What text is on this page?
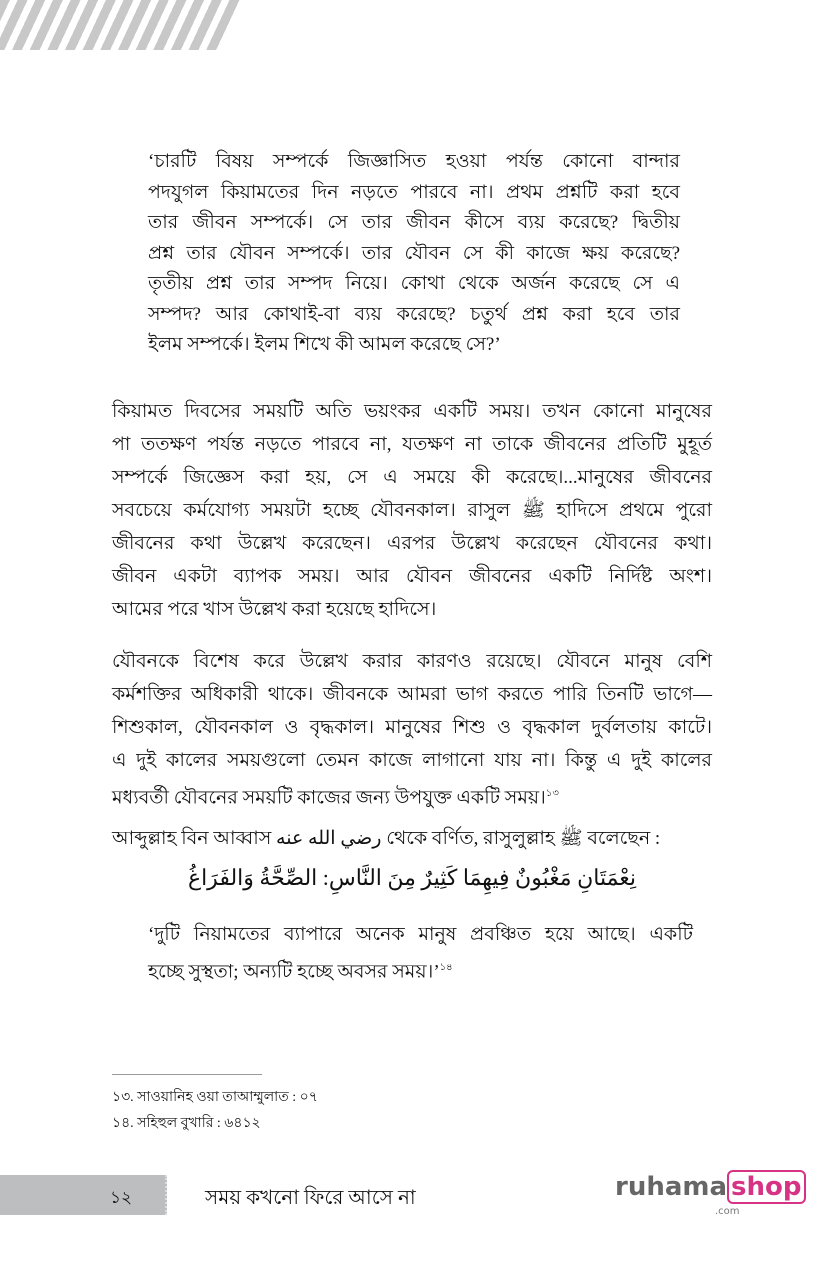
‘চারটি বিষয় সম্পর্কে জিজ্ঞাসিত হওয়া পর্যন্ত কোনো বান্দার
পদযুগল কিয়ামতের দিন নড়তে পারবে না। প্রথম প্রশ্নটি করা হবে
তার জীবন সম্পর্কে। সে তার জীবন কীসে ব্যয় করেছে? দ্বিতীয়
প্রশ্ন তার যৌবন সম্পর্কে। তার যৌবন সে কী কাজে ক্ষয় করেছে?
তৃতীয় প্রশ্ন তার সম্পদ নিয়ে। কোথা থেকে অর্জন করেছে সে এ
সম্পদ? আর কোথাই-বা ব্যয় করেছে? চতুর্থ প্রশ্ন করা হবে তার
ইলম সম্পর্কে। ইলম শিখে কী আমল করেছে সে?’
কিয়ামত দিবসের সময়টি অতি ভয়ংকর একটি সময়। তখন কোনো মানুষের
পা ততক্ষণ পর্যন্ত নড়তে পারবে না, যতক্ষণ না তাকে জীবনের প্রতিটি মুহূর্ত
সম্পর্কে জিজ্ঞেস করা হয়, সে এ সময়ে কী করেছে।...মানুষের জীবনের
সবচেয়ে কর্মযোগ্য সময়টা হচ্ছে যৌবনকাল। রাসুল ﷺ হাদিসে প্রথমে পুরো
জীবনের কথা উল্লেখ করেছেন। এরপর উল্লেখ করেছেন যৌবনের কথা।
জীবন একটা ব্যাপক সময়। আর যৌবন জীবনের একটি নির্দিষ্ট অংশ।
আমের পরে খাস উল্লেখ করা হয়েছে হাদিসে।
যৌবনকে বিশেষ করে উল্লেখ করার কারণও রয়েছে। যৌবনে মানুষ বেশি
কর্মশক্তির অধিকারী থাকে। জীবনকে আমরা ভাগ করতে পারি তিনটি ভাগে—
শিশুকাল, যৌবনকাল ও বৃদ্ধকাল। মানুষের শিশু ও বৃদ্ধকাল দুর্বলতায় কাটে।
এ দুই কালের সময়গুলো তেমন কাজে লাগানো যায় না। কিন্তু এ দুই কালের
মধ্যবর্তী যৌবনের সময়টি কাজের জন্য উপযুক্ত একটি সময়।$^{১৩}$
আব্দুল্লাহ বিন আব্বাস رضي الله عنه থেকে বর্ণিত, রাসুলুল্লাহ ﷺ বলেছেন :
نِعْمَتَانِ مَغْبُونٌ فِيهِمَا كَثِيرٌ مِنَ النَّاسِ: الصِّحَّةُ وَالفَرَاغُ
‘দুটি নিয়ামতের ব্যাপারে অনেক মানুষ প্রবঞ্চিত হয়ে আছে। একটি
হচ্ছে সুস্থতা; অন্যটি হচ্ছে অবসর সময়।’$^{১৪}$
১৩. সাওয়ানিহ ওয়া তাআম্মুলাত : ০৭
১৪. সহিহুল বুখারি : ৬৪১২
১২	সময় কখনো ফিরে আসে না	ruhama shop
.com
